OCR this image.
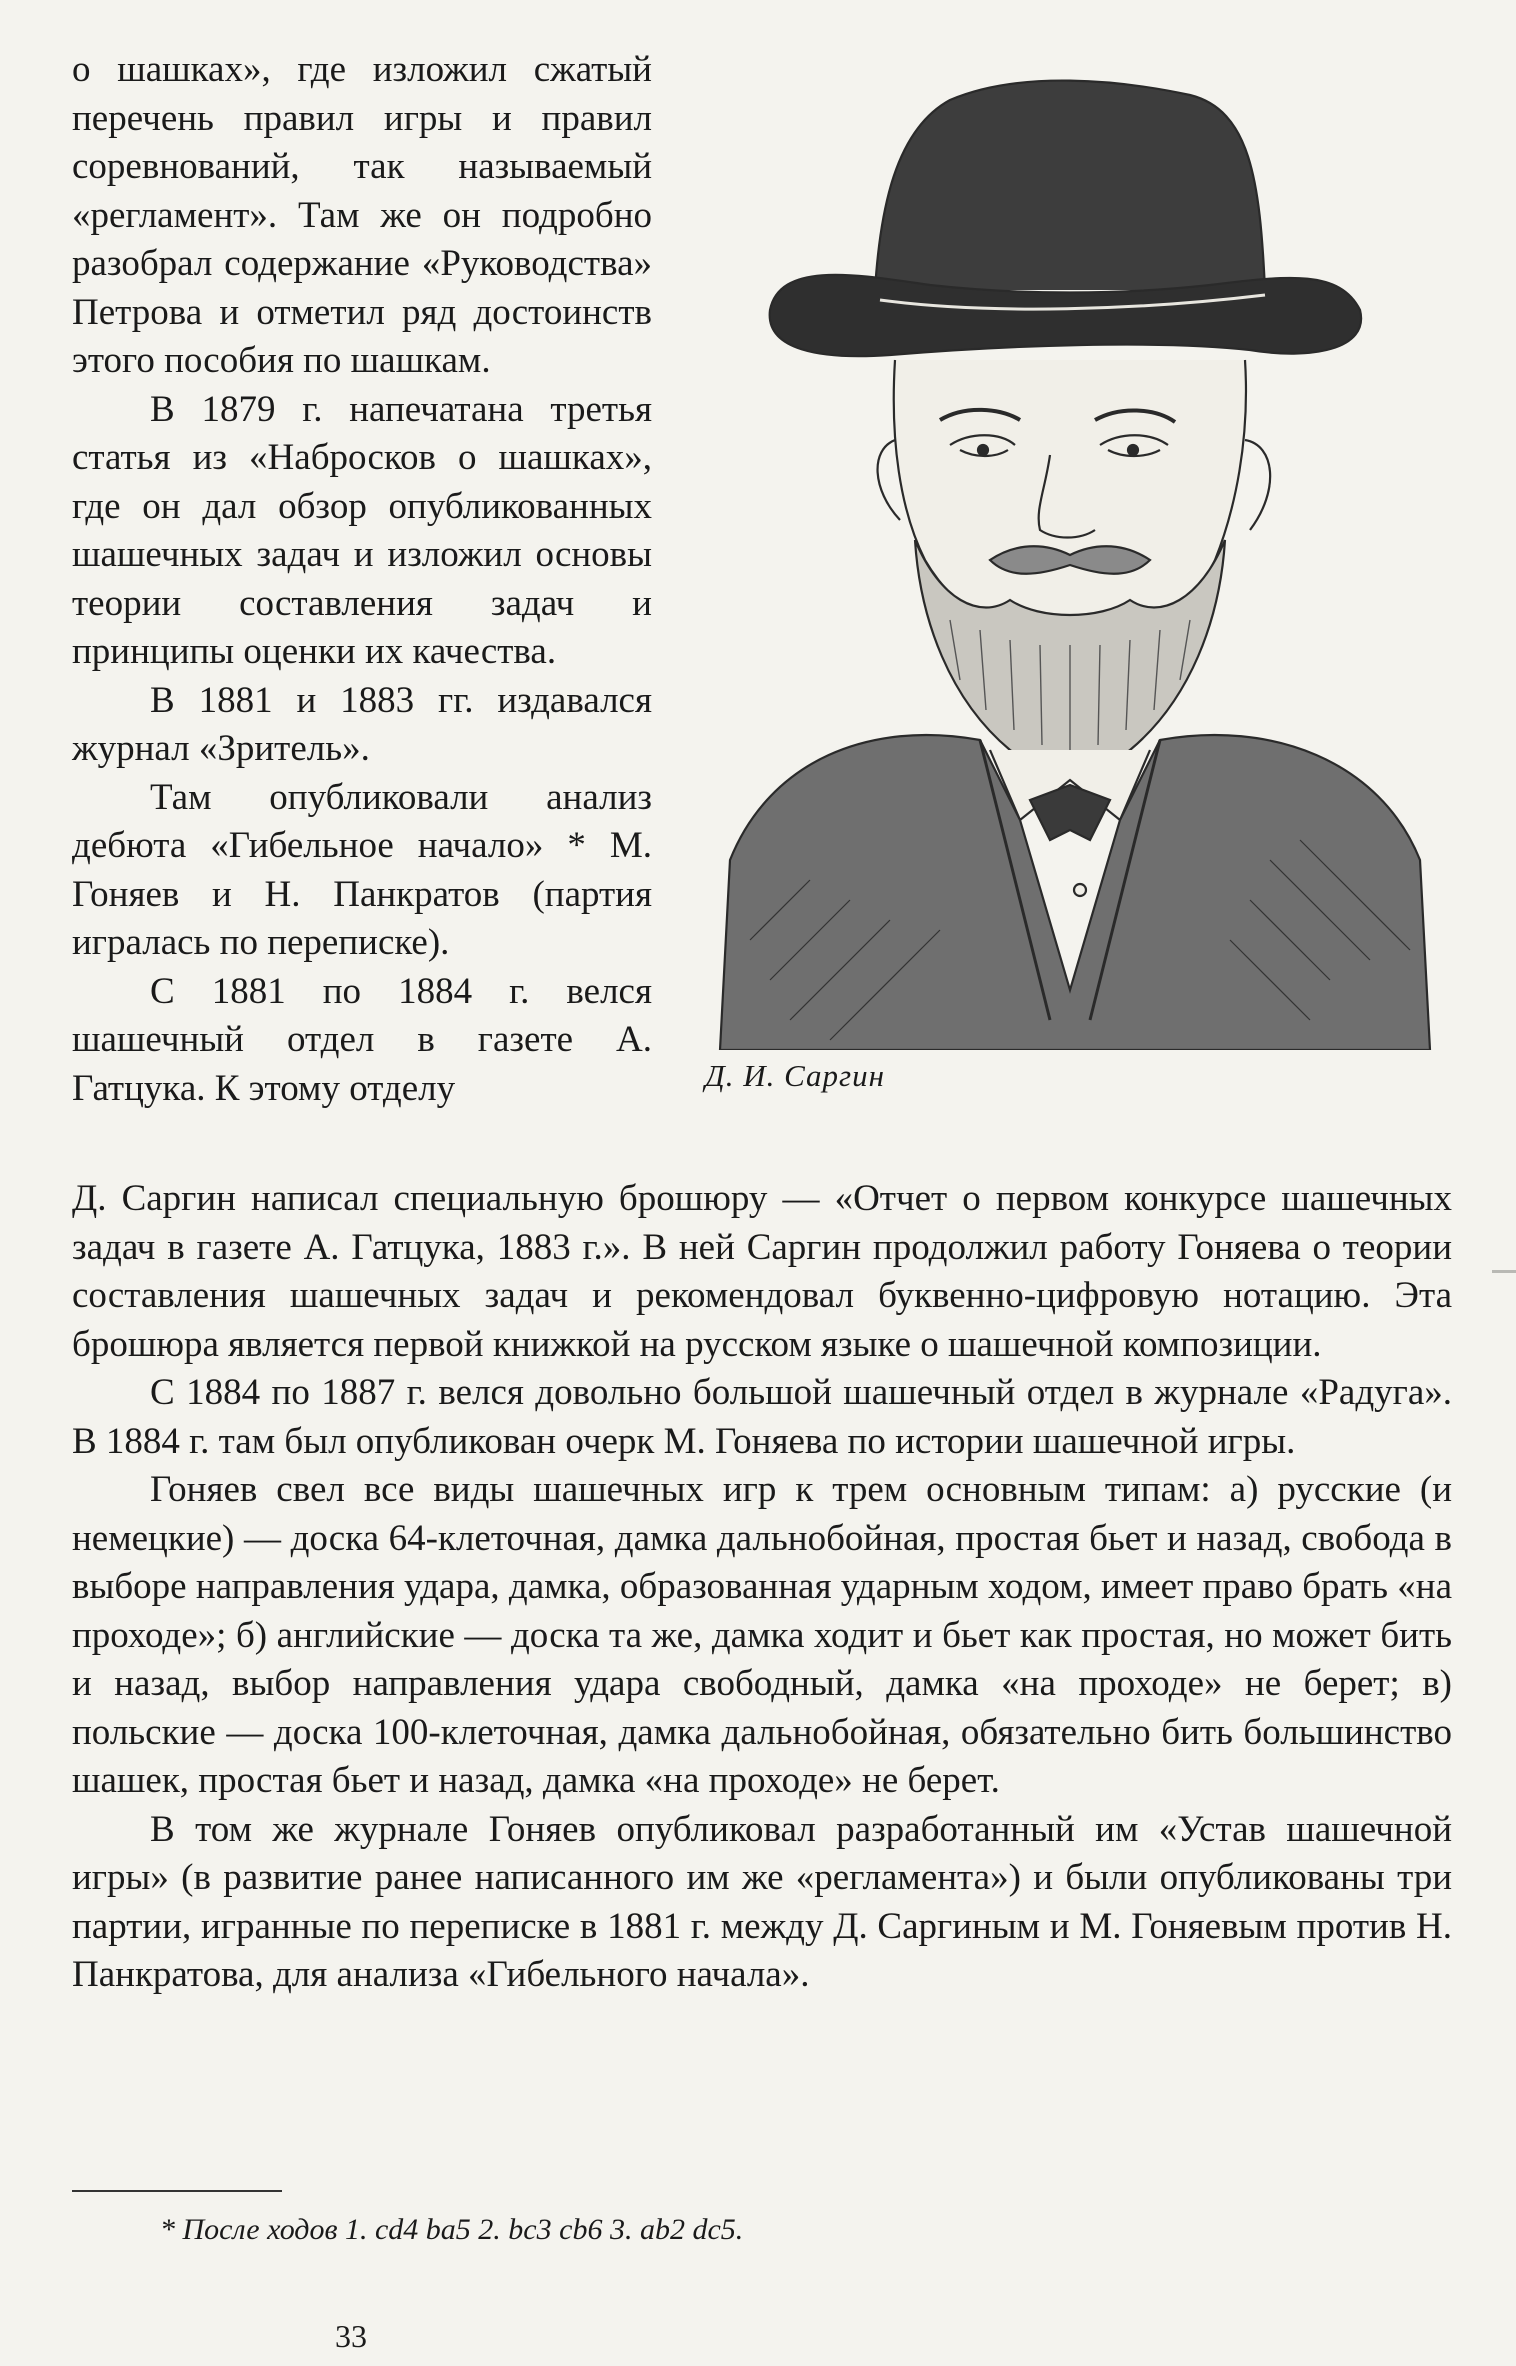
о шашках», где изложил сжатый перечень правил игры и правил соревнований, так называемый «регламент». Там же он подробно разобрал содержание «Руководства» Петрова и отметил ряд достоинств этого пособия по шашкам.

В 1879 г. напечатана третья статья из «Набросков о шашках», где он дал обзор опубликованных шашечных задач и изложил основы теории составления задач и принципы оценки их качества.

В 1881 и 1883 гг. издавался журнал «Зритель».

Там опубликовали анализ дебюта «Гибельное начало» * М. Гоняев и Н. Панкратов (партия игралась по переписке).

С 1881 по 1884 г. велся шашечный отдел в газете А. Гатцука. К этому отделу	Д. И. Саргин

Д. Саргин написал специальную брошюру — «Отчет о первом конкурсе шашечных задач в газете А. Гатцука, 1883 г.». В ней Саргин продолжил работу Гоняева о теории составления шашечных задач и рекомендовал буквенно-цифровую нотацию. Эта брошюра является первой книжкой на русском языке о шашечной композиции.

С 1884 по 1887 г. велся довольно большой шашечный отдел в журнале «Радуга». В 1884 г. там был опубликован очерк М. Гоняева по истории шашечной игры.

Гоняев свел все виды шашечных игр к трем основным типам: а) русские (и немецкие) — доска 64-клеточная, дамка дальнобойная, простая бьет и назад, свобода в выборе направления удара, дамка, образованная ударным ходом, имеет право брать «на проходе»; б) английские — доска та же, дамка ходит и бьет как простая, но может бить и назад, выбор направления удара свободный, дамка «на проходе» не берет; в) польские — доска 100-клеточная, дамка дальнобойная, обязательно бить большинство шашек, простая бьет и назад, дамка «на проходе» не берет.

В том же журнале Гоняев опубликовал разработанный им «Устав шашечной игры» (в развитие ранее написанного им же «регламента») и были опубликованы три партии, игранные по переписке в 1881 г. между Д. Саргиным и М. Гоняевым против Н. Панкратова, для анализа «Гибельного начала».

* После ходов 1. cd4 ba5 2. bc3 cb6 3. ab2 dc5.
33
